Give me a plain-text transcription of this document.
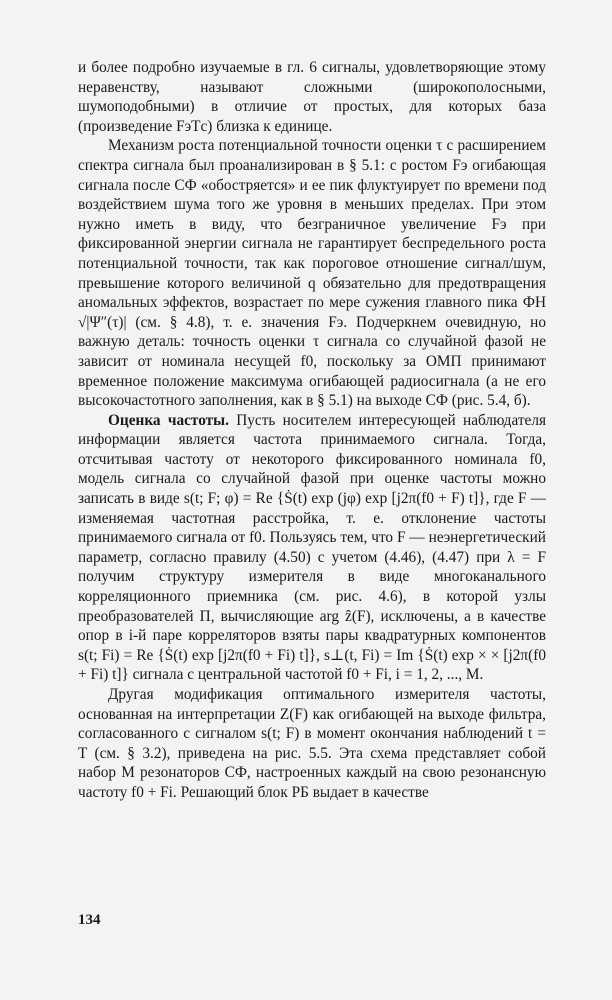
и более подробно изучаемые в гл. 6 сигналы, удовлетворяющие этому неравенству, называют сложными (широкополосными, шумоподобными) в отличие от простых, для которых база (произведение FэTс) близка к единице.

Механизм роста потенциальной точности оценки τ с расширением спектра сигнала был проанализирован в § 5.1: с ростом Fэ огибающая сигнала после СФ «обостряется» и ее пик флуктуирует по времени под воздействием шума того же уровня в меньших пределах. При этом нужно иметь в виду, что безграничное увеличение Fэ при фиксированной энергии сигнала не гарантирует беспредельного роста потенциальной точности, так как пороговое отношение сигнал/шум, превышение которого величиной q обязательно для предотвращения аномальных эффектов, возрастает по мере сужения главного пика ФН √|Ψ″(τ)| (см. § 4.8), т. е. значения Fэ. Подчеркнем очевидную, но важную деталь: точность оценки τ сигнала со случайной фазой не зависит от номинала несущей f0, поскольку за ОМП принимают временное положение максимума огибающей радиосигнала (а не его высокочастотного заполнения, как в § 5.1) на выходе СФ (рис. 5.4, б).

Оценка частоты. Пусть носителем интересующей наблюдателя информации является частота принимаемого сигнала. Тогда, отсчитывая частоту от некоторого фиксированного номинала f0, модель сигнала со случайной фазой при оценке частоты можно записать в виде s(t; F; φ) = Re {Ṡ(t) exp (jφ) exp [j2π(f0 + F) t]}, где F — изменяемая частотная расстройка, т. е. отклонение частоты принимаемого сигнала от f0. Пользуясь тем, что F — неэнергетический параметр, согласно правилу (4.50) с учетом (4.46), (4.47) при λ = F получим структуру измерителя в виде многоканального корреляционного приемника (см. рис. 4.6), в которой узлы преобразователей П, вычисляющие arg ẑ(F), исключены, а в качестве опор в i-й паре корреляторов взяты пары квадратурных компонентов s(t; Fi) = Re {Ṡ(t) exp [j2π(f0 + Fi) t]}, s⊥(t, Fi) = Im {Ṡ(t) exp × × [j2π(f0 + Fi) t]} сигнала с центральной частотой f0 + Fi, i = 1, 2, ..., M.

Другая модификация оптимального измерителя частоты, основанная на интерпретации Z(F) как огибающей на выходе фильтра, согласованного с сигналом s(t; F) в момент окончания наблюдений t = T (см. § 3.2), приведена на рис. 5.5. Эта схема представляет собой набор M резонаторов СФ, настроенных каждый на свою резонансную частоту f0 + Fi. Решающий блок РБ выдает в качестве

134
